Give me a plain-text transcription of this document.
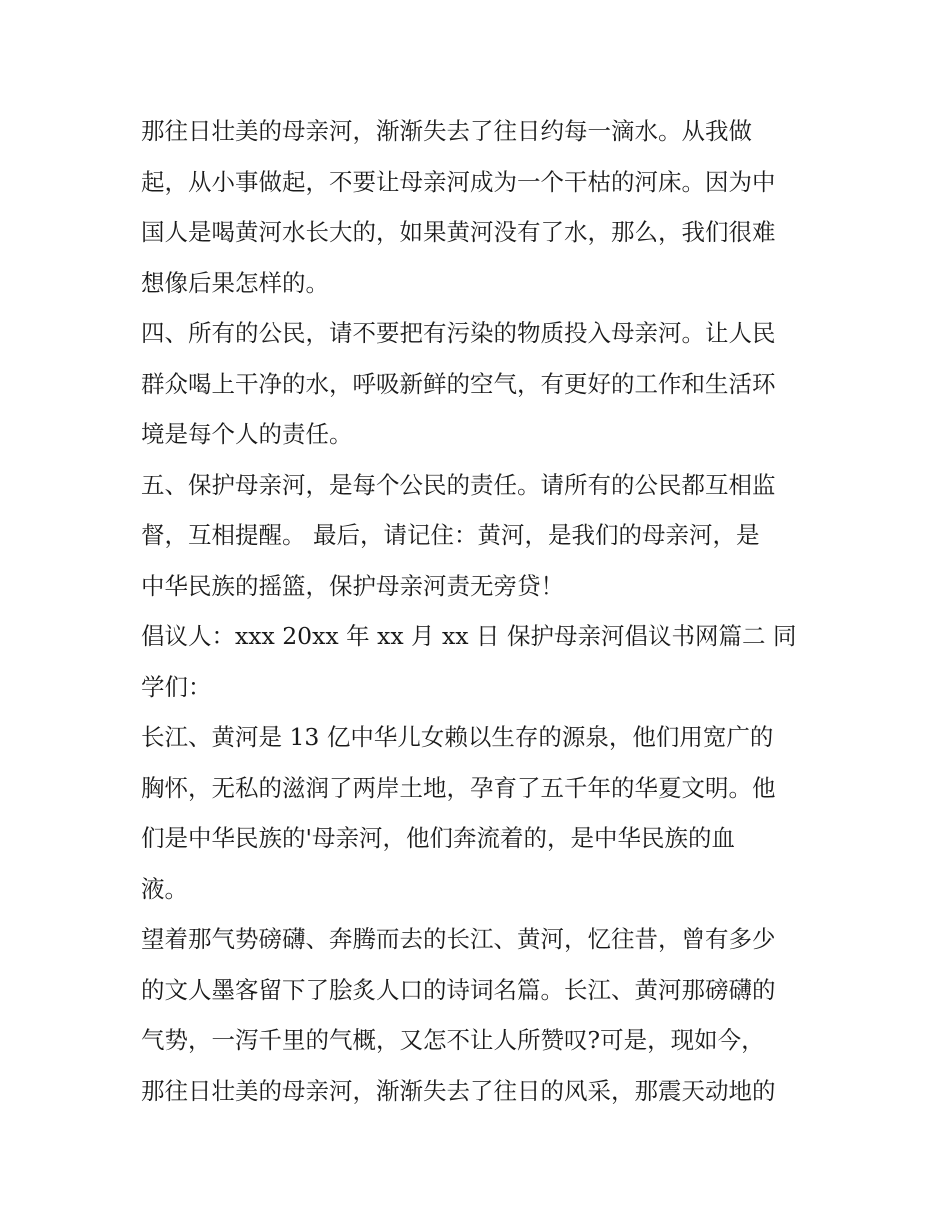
那往日壮美的母亲河，渐渐失去了往日约每一滴水。从我做
起，从小事做起，不要让母亲河成为一个干枯的河床。因为中
国人是喝黄河水长大的，如果黄河没有了水，那么，我们很难
想像后果怎样的。
四、所有的公民，请不要把有污染的物质投入母亲河。让人民
群众喝上干净的水，呼吸新鲜的空气，有更好的工作和生活环
境是每个人的责任。
五、保护母亲河，是每个公民的责任。请所有的公民都互相监
督，互相提醒。 最后，请记住：黄河，是我们的母亲河，是
中华民族的摇篮，保护母亲河责无旁贷！
倡议人：xxx 20xx 年 xx 月 xx 日 保护母亲河倡议书网篇二 同
学们：
长江、黄河是 13 亿中华儿女赖以生存的源泉，他们用宽广的
胸怀，无私的滋润了两岸土地，孕育了五千年的华夏文明。他
们是中华民族的'母亲河，他们奔流着的，是中华民族的血
液。
望着那气势磅礴、奔腾而去的长江、黄河，忆往昔，曾有多少
的文人墨客留下了脍炙人口的诗词名篇。长江、黄河那磅礴的
气势，一泻千里的气概，又怎不让人所赞叹?可是，现如今，
那往日壮美的母亲河，渐渐失去了往日的风采，那震天动地的
